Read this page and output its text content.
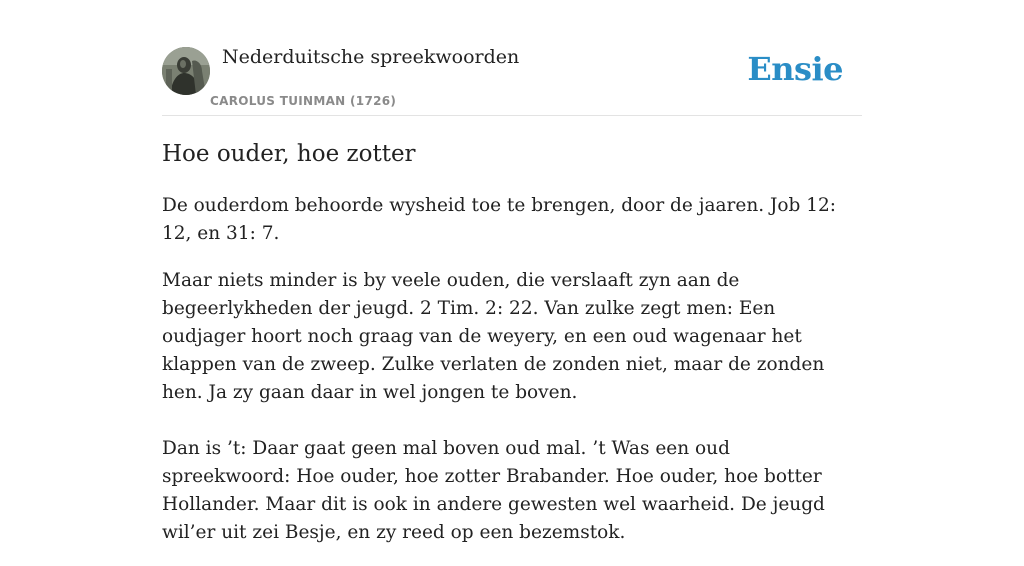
Nederduitsche spreekwoorden
CAROLUS TUINMAN (1726)
Ensie
Hoe ouder, hoe zotter

De ouderdom behoorde wysheid toe te brengen, door de jaaren. Job 12: 12, en 31: 7.

Maar niets minder is by veele ouden, die verslaaft zyn aan de begeerlykheden der jeugd. 2 Tim. 2: 22. Van zulke zegt men: Een oudjager hoort noch graag van de weyery, en een oud wagenaar het klappen van de zweep. Zulke verlaten de zonden niet, maar de zonden hen. Ja zy gaan daar in wel jongen te boven.

Dan is ’t: Daar gaat geen mal boven oud mal. ’t Was een oud spreekwoord: Hoe ouder, hoe zotter Brabander. Hoe ouder, hoe botter Hollander. Maar dit is ook in andere gewesten wel waarheid. De jeugd wil’er uit zei Besje, en zy reed op een bezemstok.
